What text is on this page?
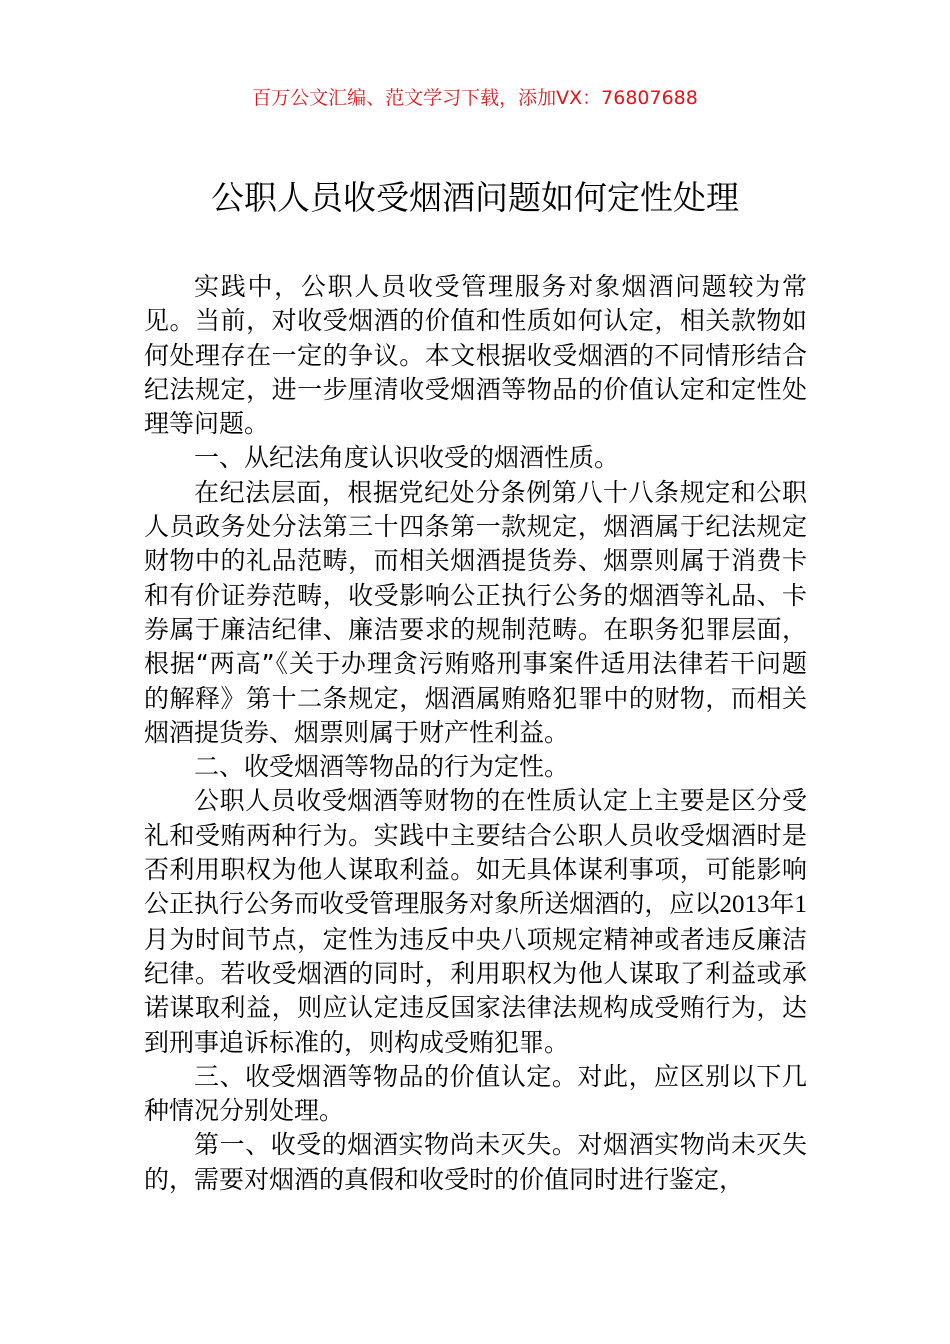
百万公文汇编、范文学习下载，添加VX：76807688
公职人员收受烟酒问题如何定性处理

实践中，公职人员收受管理服务对象烟酒问题较为常见。当前，对收受烟酒的价值和性质如何认定，相关款物如何处理存在一定的争议。本文根据收受烟酒的不同情形结合纪法规定，进一步厘清收受烟酒等物品的价值认定和定性处理等问题。

一、从纪法角度认识收受的烟酒性质。

在纪法层面，根据党纪处分条例第八十八条规定和公职人员政务处分法第三十四条第一款规定，烟酒属于纪法规定财物中的礼品范畴，而相关烟酒提货券、烟票则属于消费卡和有价证券范畴，收受影响公正执行公务的烟酒等礼品、卡券属于廉洁纪律、廉洁要求的规制范畴。在职务犯罪层面，根据“两高”《关于办理贪污贿赂刑事案件适用法律若干问题的解释》第十二条规定，烟酒属贿赂犯罪中的财物，而相关烟酒提货券、烟票则属于财产性利益。

二、收受烟酒等物品的行为定性。

公职人员收受烟酒等财物的在性质认定上主要是区分受礼和受贿两种行为。实践中主要结合公职人员收受烟酒时是否利用职权为他人谋取利益。如无具体谋利事项，可能影响公正执行公务而收受管理服务对象所送烟酒的，应以2013年1月为时间节点，定性为违反中央八项规定精神或者违反廉洁纪律。若收受烟酒的同时，利用职权为他人谋取了利益或承诺谋取利益，则应认定违反国家法律法规构成受贿行为，达到刑事追诉标准的，则构成受贿犯罪。

三、收受烟酒等物品的价值认定。对此，应区别以下几种情况分别处理。

第一、收受的烟酒实物尚未灭失。对烟酒实物尚未灭失的，需要对烟酒的真假和收受时的价值同时进行鉴定，
